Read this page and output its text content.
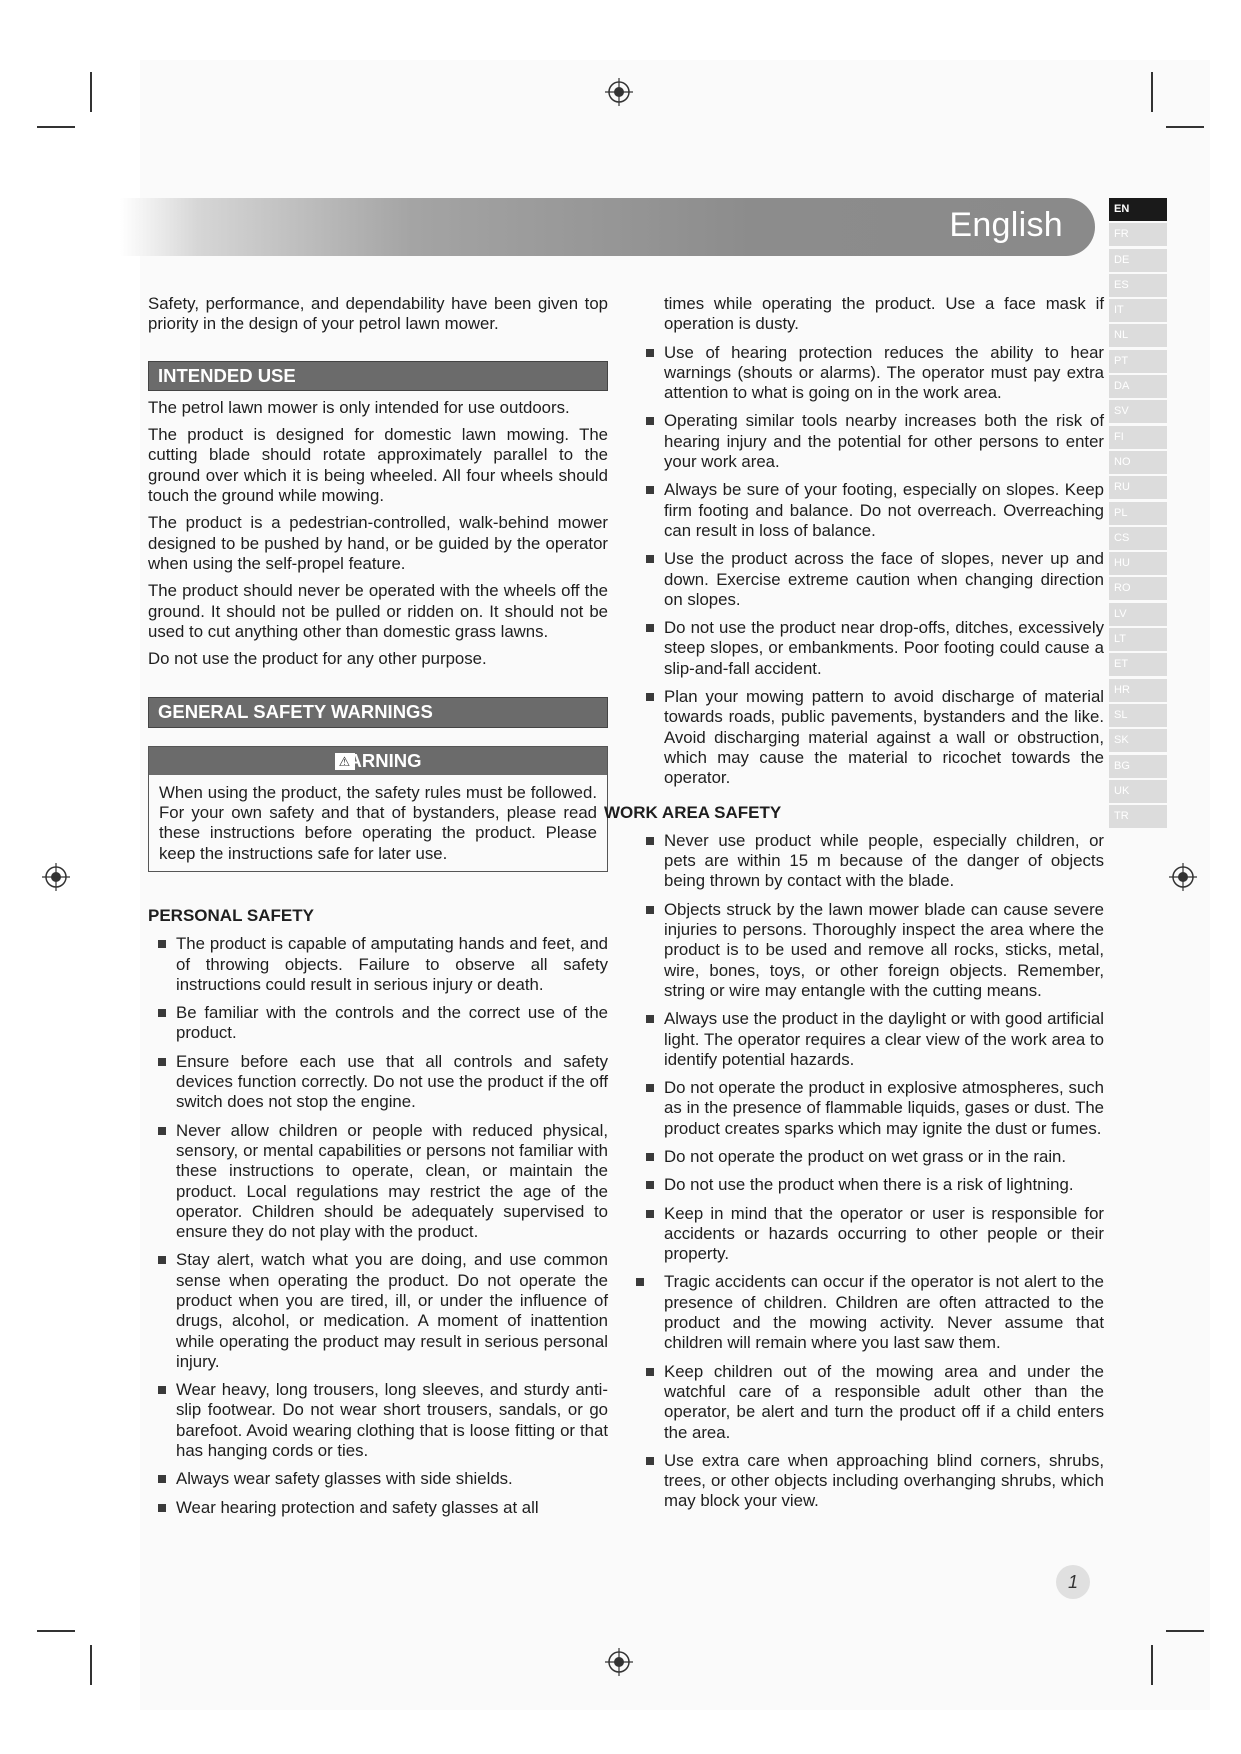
English	EN
FR
DE
ES
IT
NL
PT
DA
SV
FI
NO
RU
PL
CS
HU
RO
LV
LT
ET
HR
SL
SK
BG
UK
TR

Safety, performance, and dependability have been given top priority in the design of your petrol lawn mower.

INTENDED USE

The petrol lawn mower is only intended for use outdoors.

The product is designed for domestic lawn mowing. The cutting blade should rotate approximately parallel to the ground over which it is being wheeled. All four wheels should touch the ground while mowing.

The product is a pedestrian-controlled, walk-behind mower designed to be pushed by hand, or be guided by the operator when using the self-propel feature.

The product should never be operated with the wheels off the ground. It should not be pulled or ridden on. It should not be used to cut anything other than domestic grass lawns.

Do not use the product for any other purpose.

GENERAL SAFETY WARNINGS
⚠ARNING
When using the product, the safety rules must be followed. For your own safety and that of bystanders, please read these instructions before operating the product. Please keep the instructions safe for later use.
PERSONAL SAFETY
The product is capable of amputating hands and feet, and of throwing objects. Failure to observe all safety instructions could result in serious injury or death.
Be familiar with the controls and the correct use of the product.
Ensure before each use that all controls and safety devices function correctly. Do not use the product if the off switch does not stop the engine.
Never allow children or people with reduced physical, sensory, or mental capabilities or persons not familiar with these instructions to operate, clean, or maintain the product. Local regulations may restrict the age of the operator. Children should be adequately supervised to ensure they do not play with the product.
Stay alert, watch what you are doing, and use common sense when operating the product. Do not operate the product when you are tired, ill, or under the influence of drugs, alcohol, or medication. A moment of inattention while operating the product may result in serious personal injury.
Wear heavy, long trousers, long sleeves, and sturdy anti-slip footwear. Do not wear short trousers, sandals, or go barefoot. Avoid wearing clothing that is loose fitting or that has hanging cords or ties.
Always wear safety glasses with side shields.
Wear hearing protection and safety glasses at all
times while operating the product. Use a face mask if operation is dusty.
Use of hearing protection reduces the ability to hear warnings (shouts or alarms). The operator must pay extra attention to what is going on in the work area.
Operating similar tools nearby increases both the risk of hearing injury and the potential for other persons to enter your work area.
Always be sure of your footing, especially on slopes. Keep firm footing and balance. Do not overreach. Overreaching can result in loss of balance.
Use the product across the face of slopes, never up and down. Exercise extreme caution when changing direction on slopes.
Do not use the product near drop-offs, ditches, excessively steep slopes, or embankments. Poor footing could cause a slip-and-fall accident.
Plan your mowing pattern to avoid discharge of material towards roads, public pavements, bystanders and the like. Avoid discharging material against a wall or obstruction, which may cause the material to ricochet towards the operator.
WORK AREA SAFETY
Never use product while people, especially children, or pets are within 15 m because of the danger of objects being thrown by contact with the blade.
Objects struck by the lawn mower blade can cause severe injuries to persons. Thoroughly inspect the area where the product is to be used and remove all rocks, sticks, metal, wire, bones, toys, or other foreign objects. Remember, string or wire may entangle with the cutting means.
Always use the product in the daylight or with good artificial light. The operator requires a clear view of the work area to identify potential hazards.
Do not operate the product in explosive atmospheres, such as in the presence of flammable liquids, gases or dust. The product creates sparks which may ignite the dust or fumes.
Do not operate the product on wet grass or in the rain.
Do not use the product when there is a risk of lightning.
Keep in mind that the operator or user is responsible for accidents or hazards occurring to other people or their property.
Tragic accidents can occur if the operator is not alert to the presence of children. Children are often attracted to the product and the mowing activity. Never assume that children will remain where you last saw them.
Keep children out of the mowing area and under the watchful care of a responsible adult other than the operator, be alert and turn the product off if a child enters the area.
Use extra care when approaching blind corners, shrubs, trees, or other objects including overhanging shrubs, which may block your view.
1
